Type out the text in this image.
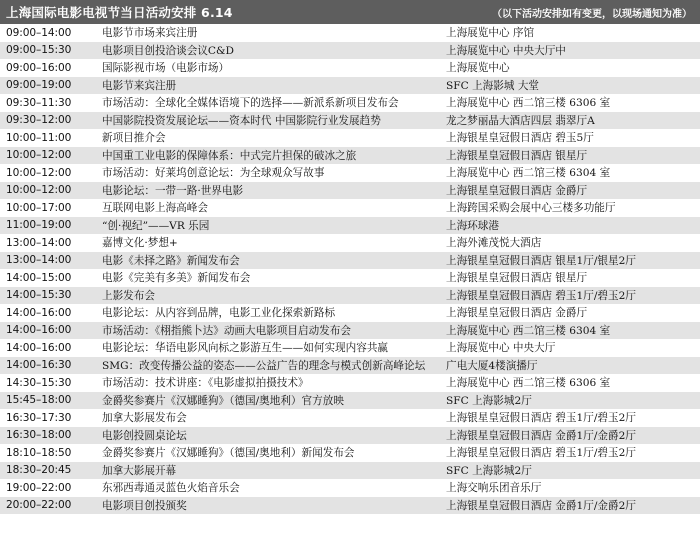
上海国际电影电视节当日活动安排 6.14	（以下活动安排如有变更，以现场通知为准）
09:00–14:00	电影节市场来宾注册	上海展览中心 序馆
09:00–15:30	电影项目创投洽谈会议C&D	上海展览中心 中央大厅中
09:00–16:00	国际影视市场（电影市场）	上海展览中心
09:00–19:00	电影节来宾注册	SFC 上海影城 大堂
09:30–11:30	市场活动：全球化全媒体语境下的选择——新派系新项目发布会	上海展览中心 西二馆三楼 6306 室
09:30–12:00	中国影院投资发展论坛——资本时代 中国影院行业发展趋势	龙之梦丽晶大酒店四层 翡翠厅A
10:00–11:00	新项目推介会	上海银星皇冠假日酒店 碧玉5厅
10:00–12:00	中国重工业电影的保障体系：中式完片担保的破冰之旅	上海银星皇冠假日酒店 银星厅
10:00–12:00	市场活动：好莱坞创意论坛：为全球观众写故事	上海展览中心 西二馆三楼 6304 室
10:00–12:00	电影论坛：一带一路·世界电影	上海银星皇冠假日酒店 金爵厅
10:00–17:00	互联网电影上海高峰会	上海跨国采购会展中心三楼多功能厅
11:00–19:00	“创·视纪”——VR 乐园	上海环球港
13:00–14:00	嘉博文化·梦想+	上海外滩茂悦大酒店
13:00–14:00	电影《未择之路》新闻发布会	上海银星皇冠假日酒店 银星1厅/银星2厅
14:00–15:00	电影《完美有多美》新闻发布会	上海银星皇冠假日酒店 银星厅
14:00–15:30	上影发布会	上海银星皇冠假日酒店 碧玉1厅/碧玉2厅
14:00–16:00	电影论坛：从内容到品牌，电影工业化探索新路标	上海银星皇冠假日酒店 金爵厅
14:00–16:00	市场活动：《栩指熊卜达》动画大电影项目启动发布会	上海展览中心 西二馆三楼 6304 室
14:00–16:00	电影论坛：华语电影风向标之影游互生——如何实现内容共赢	上海展览中心 中央大厅
14:00–16:30	SMG：改变传播公益的姿态——公益广告的理念与模式创新高峰论坛	广电大厦4楼演播厅
14:30–15:30	市场活动：技术讲座：《电影虚拟拍摄技术》	上海展览中心 西二馆三楼 6306 室
15:45–18:00	金爵奖参赛片《汉娜睡狗》（德国/奥地利）官方放映	SFC 上海影城2厅
16:30–17:30	加拿大影展发布会	上海银星皇冠假日酒店 碧玉1厅/碧玉2厅
16:30–18:00	电影创投圆桌论坛	上海银星皇冠假日酒店 金爵1厅/金爵2厅
18:10–18:50	金爵奖参赛片《汉娜睡狗》（德国/奥地利）新闻发布会	上海银星皇冠假日酒店 碧玉1厅/碧玉2厅
18:30–20:45	加拿大影展开幕	SFC 上海影城2厅
19:00–22:00	东邪西毒通灵蓝色火焰音乐会	上海交响乐团音乐厅
20:00–22:00	电影项目创投颁奖	上海银星皇冠假日酒店 金爵1厅/金爵2厅
